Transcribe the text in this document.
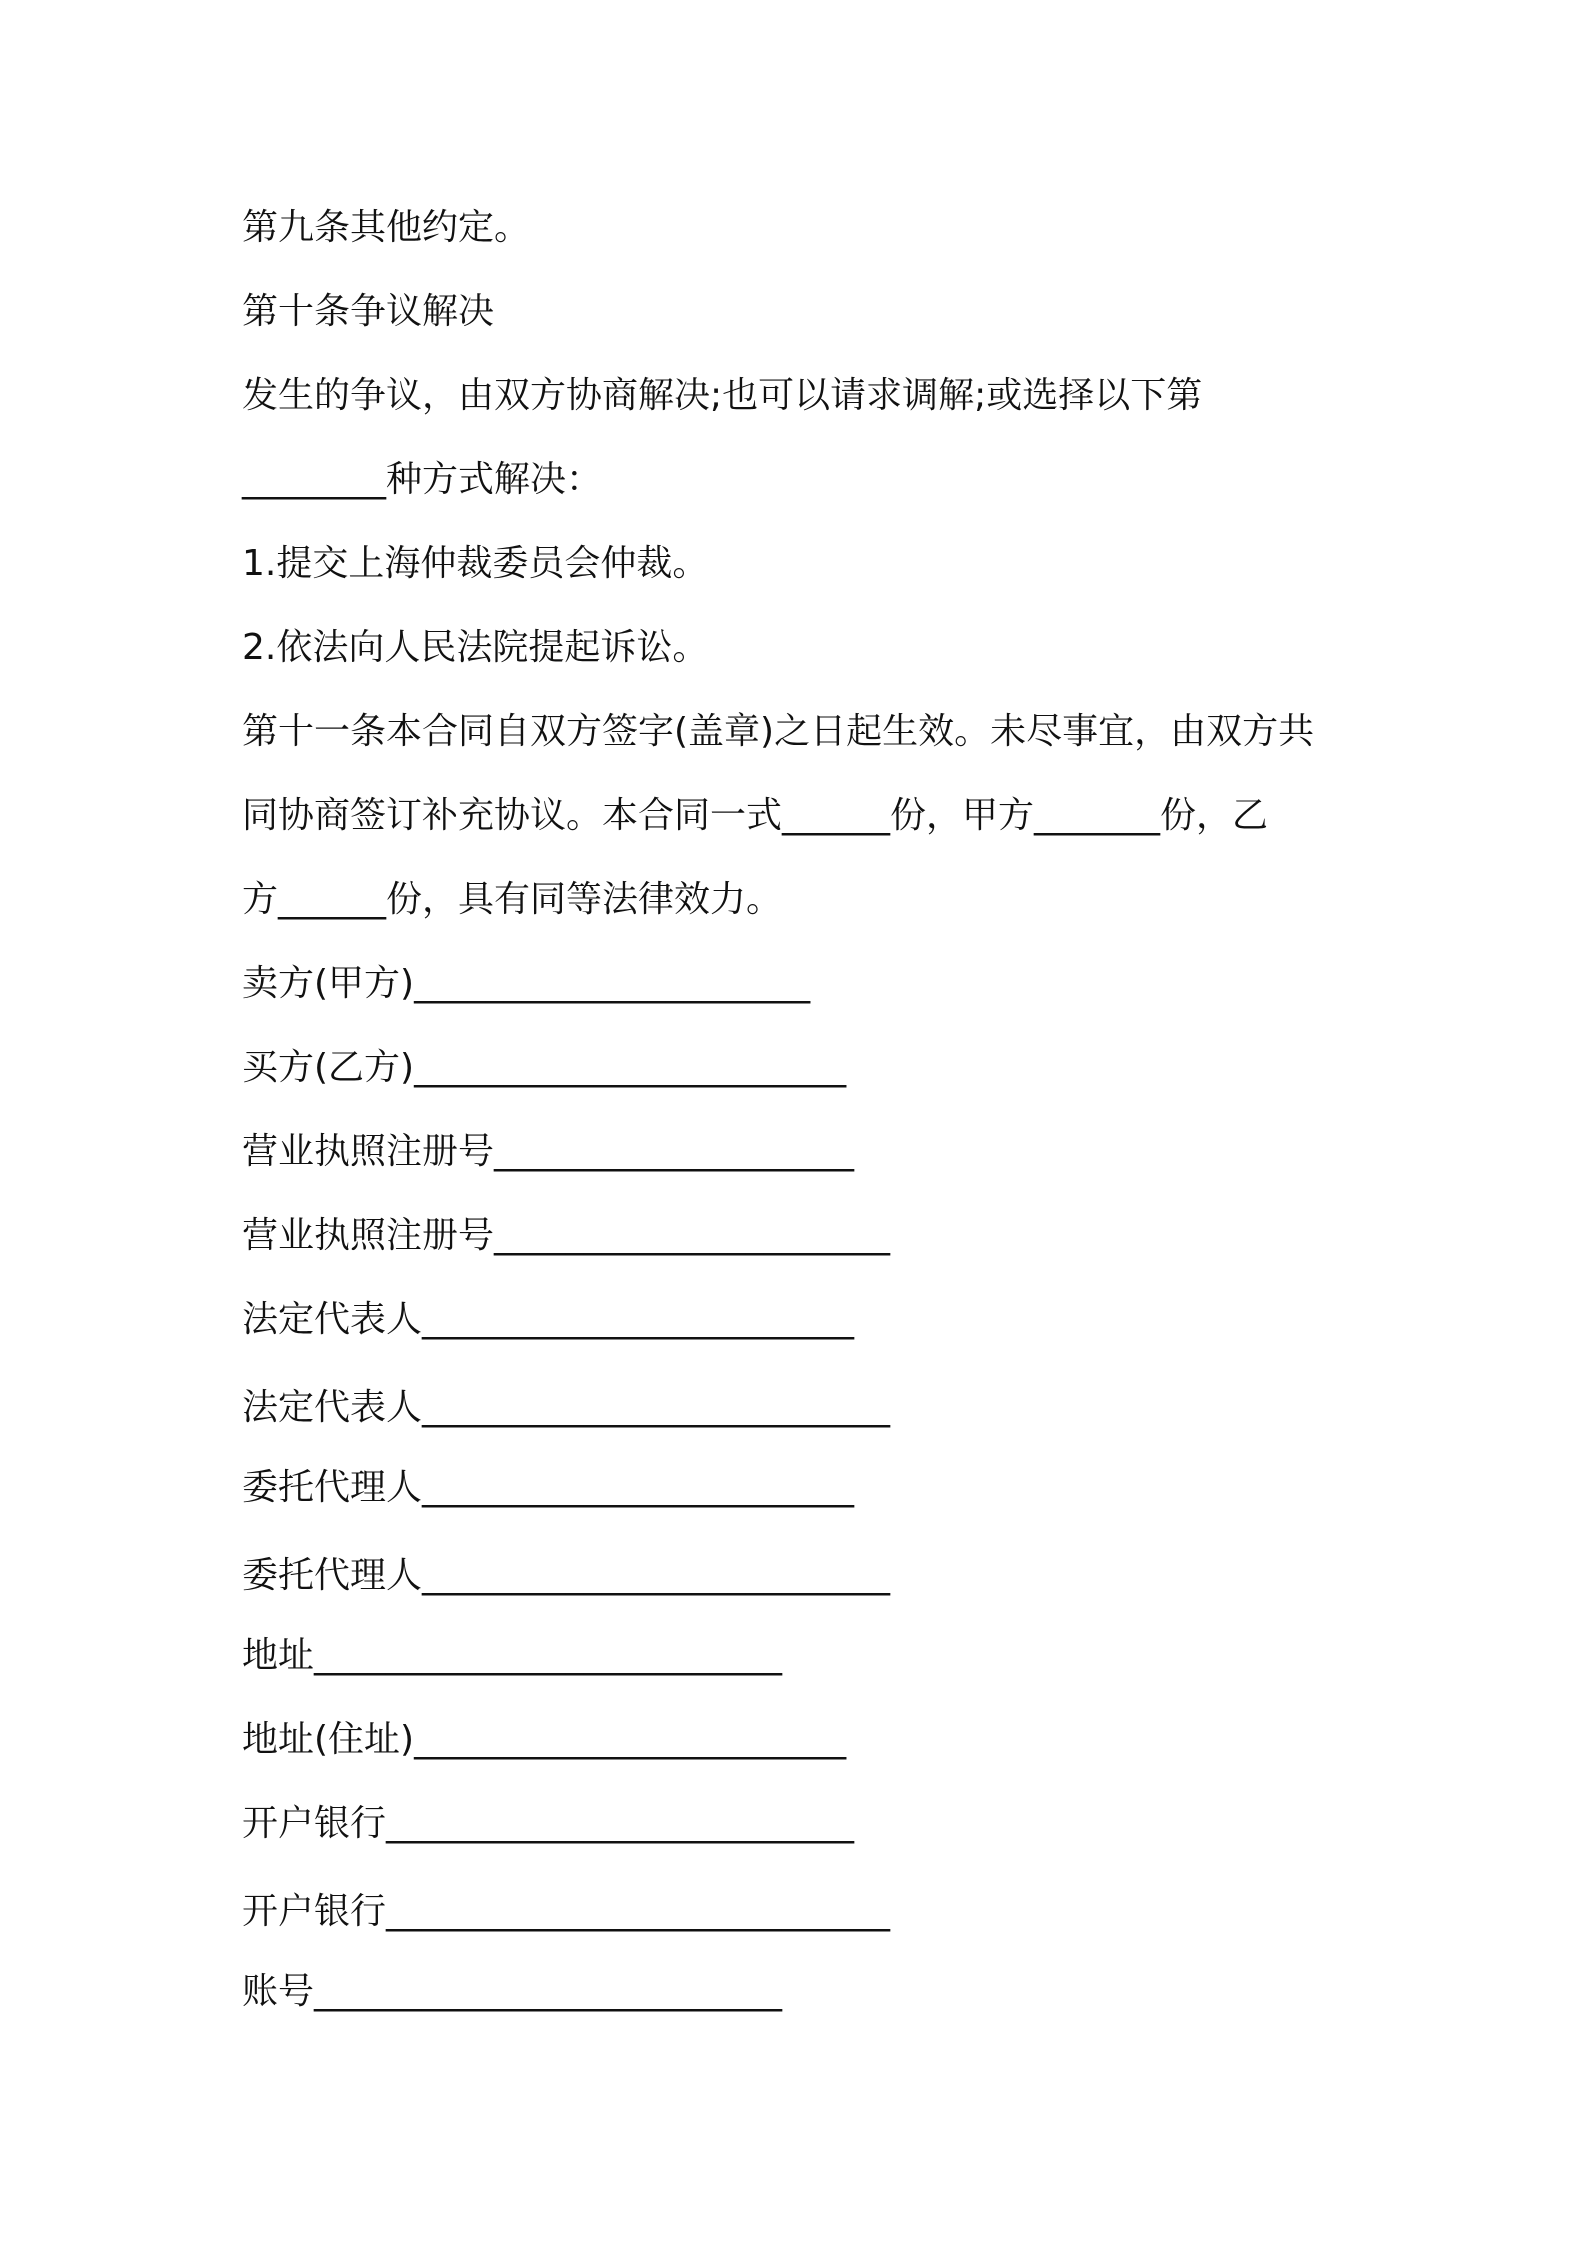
第九条其他约定。
第十条争议解决
发生的争议，由双方协商解决;也可以请求调解;或选择以下第
________种方式解决：
1.提交上海仲裁委员会仲裁。
2.依法向人民法院提起诉讼。
第十一条本合同自双方签字(盖章)之日起生效。未尽事宜，由双方共
同协商签订补充协议。本合同一式______份，甲方_______份，乙
方______份，具有同等法律效力。
卖方(甲方)______________________
买方(乙方)________________________
营业执照注册号____________________
营业执照注册号______________________
法定代表人________________________
法定代表人__________________________
委托代理人________________________
委托代理人__________________________
地址__________________________
地址(住址)________________________
开户银行__________________________
开户银行____________________________
账号__________________________
